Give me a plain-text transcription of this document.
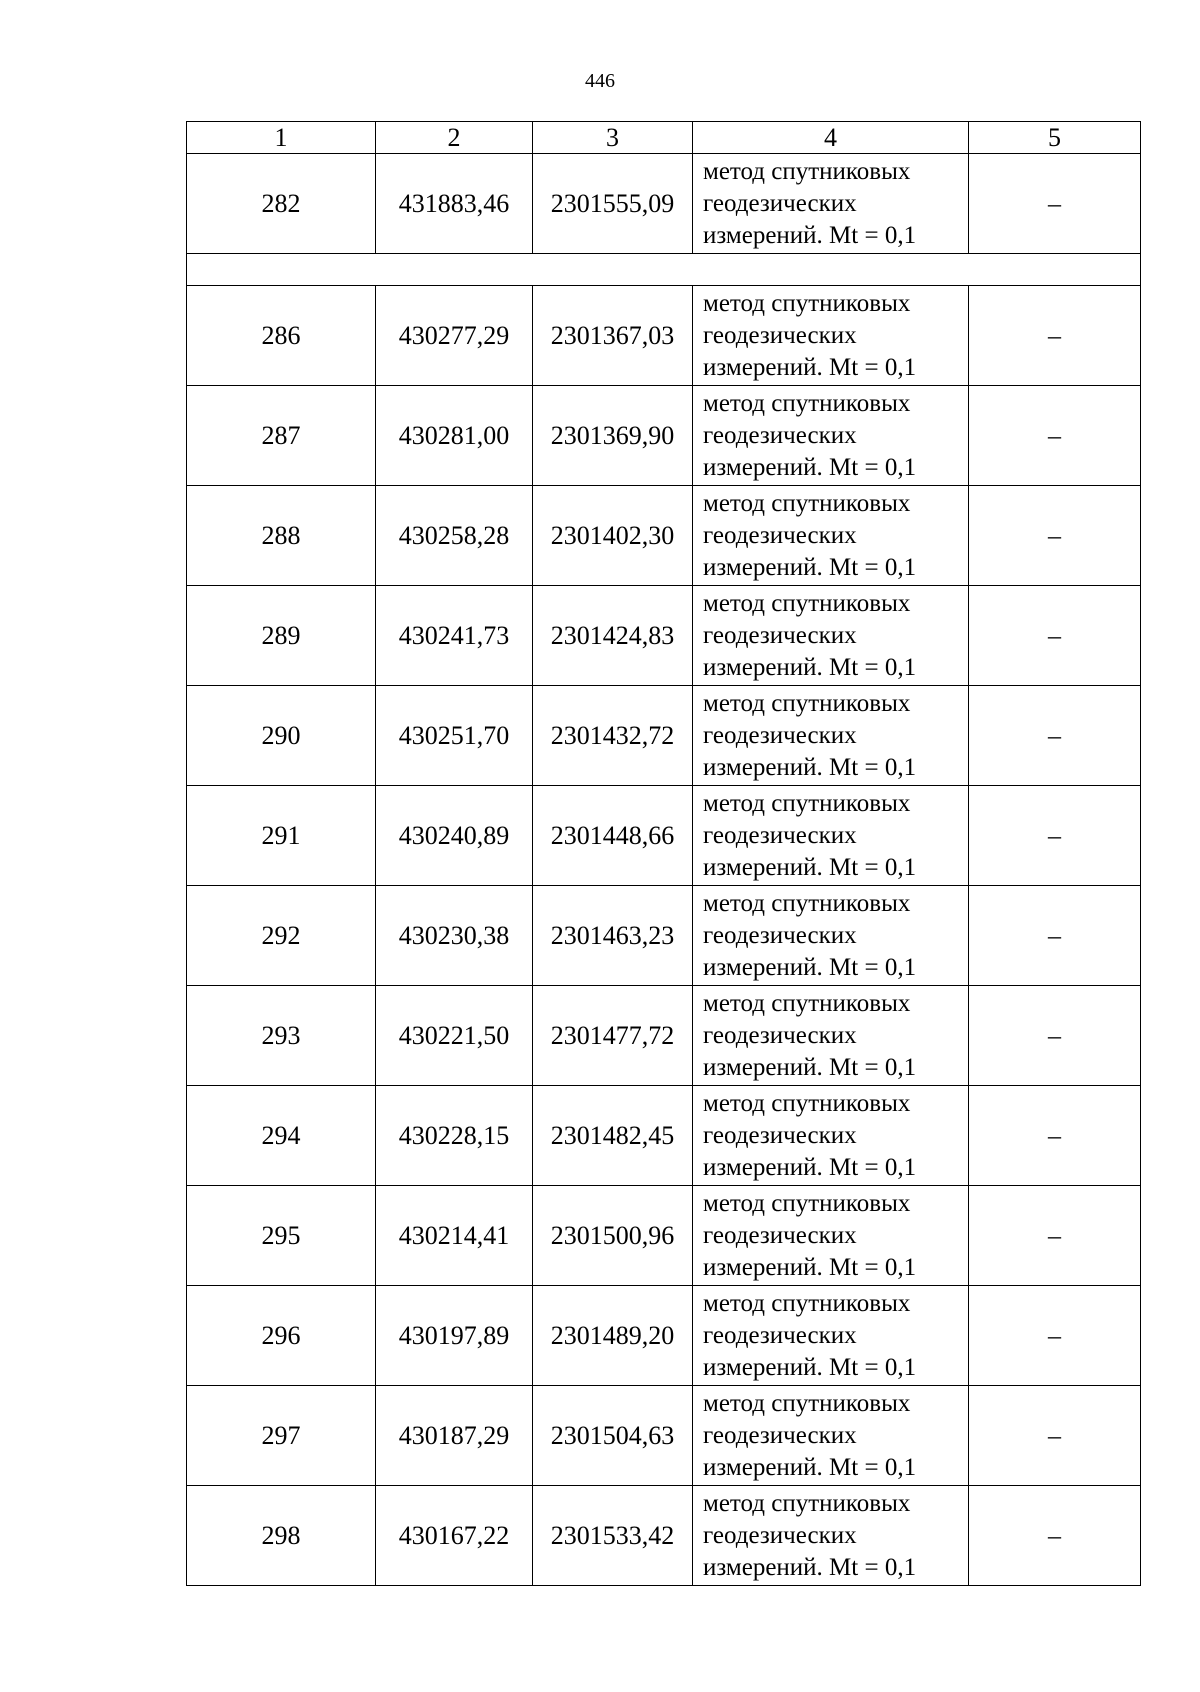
446
1	2	3	4	5
282	431883,46	2301555,09	метод спутниковых
геодезических
измерений. Mt = 0,1	–

286	430277,29	2301367,03	метод спутниковых
геодезических
измерений. Mt = 0,1	–
287	430281,00	2301369,90	метод спутниковых
геодезических
измерений. Mt = 0,1	–
288	430258,28	2301402,30	метод спутниковых
геодезических
измерений. Mt = 0,1	–
289	430241,73	2301424,83	метод спутниковых
геодезических
измерений. Mt = 0,1	–
290	430251,70	2301432,72	метод спутниковых
геодезических
измерений. Mt = 0,1	–
291	430240,89	2301448,66	метод спутниковых
геодезических
измерений. Mt = 0,1	–
292	430230,38	2301463,23	метод спутниковых
геодезических
измерений. Mt = 0,1	–
293	430221,50	2301477,72	метод спутниковых
геодезических
измерений. Mt = 0,1	–
294	430228,15	2301482,45	метод спутниковых
геодезических
измерений. Mt = 0,1	–
295	430214,41	2301500,96	метод спутниковых
геодезических
измерений. Mt = 0,1	–
296	430197,89	2301489,20	метод спутниковых
геодезических
измерений. Mt = 0,1	–
297	430187,29	2301504,63	метод спутниковых
геодезических
измерений. Mt = 0,1	–
298	430167,22	2301533,42	метод спутниковых
геодезических
измерений. Mt = 0,1	–
